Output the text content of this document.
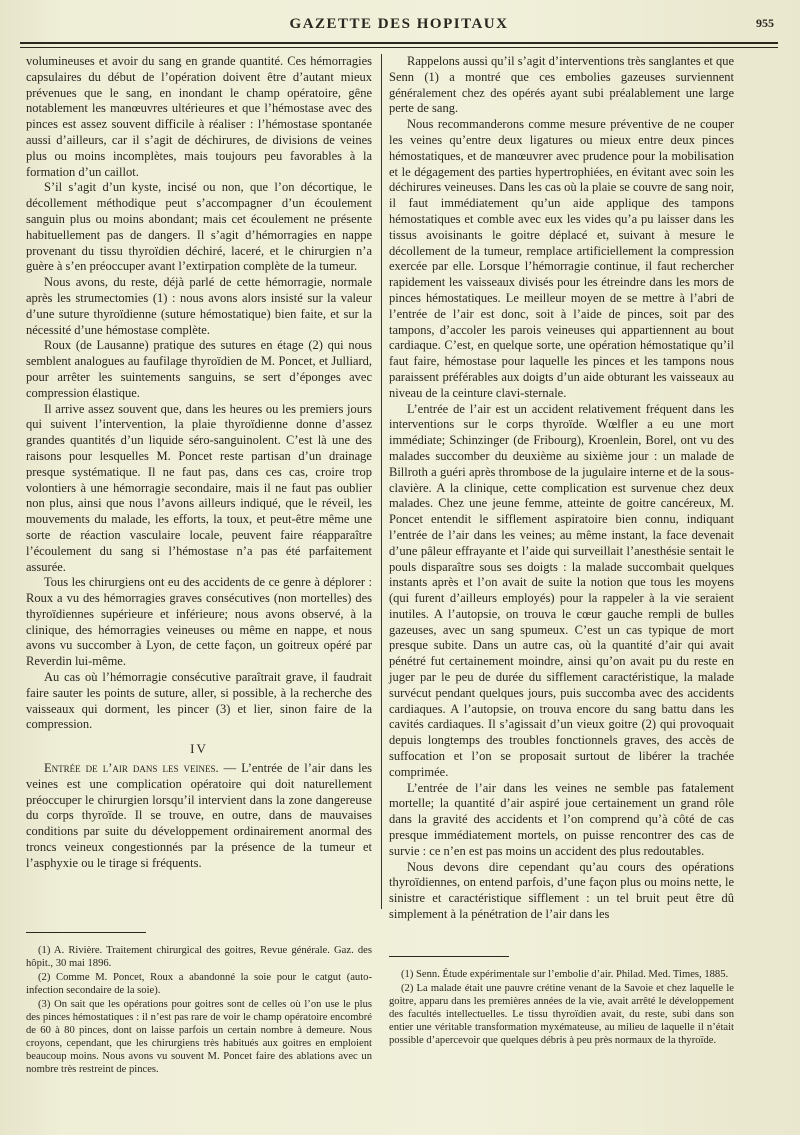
GAZETTE DES HOPITAUX	955

volumineuses et avoir du sang en grande quantité. Ces hémorragies capsulaires du début de l’opération doivent être d’autant mieux prévenues que le sang, en inondant le champ opératoire, gêne notablement les manœuvres ultérieures et que l’hémostase avec des pinces est assez souvent difficile à réaliser : l’hémostase spontanée aussi d’ailleurs, car il s’agit de déchirures, de divisions de veines plus ou moins incomplètes, mais toujours peu favorables à la formation d’un caillot.

S’il s’agit d’un kyste, incisé ou non, que l’on décortique, le décollement méthodique peut s’accompagner d’un écoulement sanguin plus ou moins abondant; mais cet écoulement ne présente habituellement pas de dangers. Il s’agit d’hémorragies en nappe provenant du tissu thyroïdien déchiré, laceré, et le chirurgien n’a guère à s’en préoccuper avant l’extirpation complète de la tumeur.

Nous avons, du reste, déjà parlé de cette hémorragie, normale après les strumectomies (1) : nous avons alors insisté sur la valeur d’une suture thyroïdienne (suture hémostatique) bien faite, et sur la nécessité d’une hémostase complète.

Roux (de Lausanne) pratique des sutures en étage (2) qui nous semblent analogues au faufilage thyroïdien de M. Poncet, et Julliard, pour arrêter les suintements sanguins, se sert d’éponges avec compression élastique.

Il arrive assez souvent que, dans les heures ou les premiers jours qui suivent l’intervention, la plaie thyroïdienne donne d’assez grandes quantités d’un liquide séro-sanguinolent. C’est là une des raisons pour lesquelles M. Poncet reste partisan d’un drainage presque systématique. Il ne faut pas, dans ces cas, croire trop volontiers à une hémorragie secondaire, mais il ne faut pas oublier non plus, ainsi que nous l’avons ailleurs indiqué, que le réveil, les mouvements du malade, les efforts, la toux, et peut-être même une sorte de réaction vasculaire locale, peuvent faire réapparaître l’écoulement du sang si l’hémostase n’a pas été parfaitement assurée.

Tous les chirurgiens ont eu des accidents de ce genre à déplorer : Roux a vu des hémorragies graves consécutives (non mortelles) des thyroïdiennes supérieure et inférieure; nous avons observé, à la clinique, des hémorragies veineuses ou même en nappe, et nous avons vu succomber à Lyon, de cette façon, un goitreux opéré par Reverdin lui-même.

Au cas où l’hémorragie consécutive paraîtrait grave, il faudrait faire sauter les points de suture, aller, si possible, à la recherche des vaisseaux qui dorment, les pincer (3) et lier, sinon faire de la compression.

IV

Entrée de l’air dans les veines. — L’entrée de l’air dans les veines est une complication opératoire qui doit naturellement préoccuper le chirurgien lorsqu’il intervient dans la zone dangereuse du corps thyroïde. Il se trouve, en outre, dans de mauvaises conditions par suite du développement ordinairement anormal des troncs veineux congestionnés par la présence de la tumeur et l’asphyxie ou le tirage si fréquents.

Rappelons aussi qu’il s’agit d’interventions très sanglantes et que Senn (1) a montré que ces embolies gazeuses surviennent généralement chez des opérés ayant subi préalablement une large perte de sang.

Nous recommanderons comme mesure préventive de ne couper les veines qu’entre deux ligatures ou mieux entre deux pinces hémostatiques, et de manœuvrer avec prudence pour la mobilisation et le dégagement des parties hypertrophiées, en évitant avec soin les déchirures veineuses. Dans les cas où la plaie se couvre de sang noir, il faut immédiatement qu’un aide applique des tampons hémostatiques et comble avec eux les vides qu’a pu laisser dans les tissus avoisinants le goitre déplacé et, suivant à mesure le décollement de la tumeur, remplace artificiellement la compression exercée par elle. Lorsque l’hémorragie continue, il faut rechercher rapidement les vaisseaux divisés pour les étreindre dans les mors de pinces hémostatiques. Le meilleur moyen de se mettre à l’abri de l’entrée de l’air est donc, soit à l’aide de pinces, soit par des tampons, d’accoler les parois veineuses qui appartiennent au bout cardiaque. C’est, en quelque sorte, une opération hémostatique qu’il faut faire, hémostase pour laquelle les pinces et les tampons nous paraissent préférables aux doigts d’un aide obturant les vaisseaux au niveau de la ceinture clavi-sternale.

L’entrée de l’air est un accident relativement fréquent dans les interventions sur le corps thyroïde. Wœlfler a eu une mort immédiate; Schinzinger (de Fribourg), Kroenlein, Borel, ont vu des malades succomber du deuxième au sixième jour : un malade de Billroth a guéri après thrombose de la jugulaire interne et de la sous-clavière. A la clinique, cette complication est survenue chez deux malades. Chez une jeune femme, atteinte de goitre cancéreux, M. Poncet entendit le sifflement aspiratoire bien connu, indiquant l’entrée de l’air dans les veines; au même instant, la face devenait d’une pâleur effrayante et l’aide qui surveillait l’anesthésie sentait le pouls disparaître sous ses doigts : la malade succombait quelques instants après et l’on avait de suite la notion que tous les moyens (qui furent d’ailleurs employés) pour la rappeler à la vie seraient inutiles. A l’autopsie, on trouva le cœur gauche rempli de bulles gazeuses, avec un sang spumeux. C’est un cas typique de mort presque subite. Dans un autre cas, où la quantité d’air qui avait pénétré fut certainement moindre, ainsi qu’on avait pu du reste en juger par le peu de durée du sifflement caractéristique, la malade survécut pendant quelques jours, puis succomba avec des accidents cardiaques. A l’autopsie, on trouva encore du sang battu dans les cavités cardiaques. Il s’agissait d’un vieux goitre (2) qui provoquait depuis longtemps des troubles fonctionnels graves, des accès de suffocation et l’on se proposait surtout de libérer la trachée comprimée.

L’entrée de l’air dans les veines ne semble pas fatalement mortelle; la quantité d’air aspiré joue certainement un grand rôle dans la gravité des accidents et l’on comprend qu’à côté de cas presque immédiatement mortels, on puisse rencontrer des cas de survie : ce n’en est pas moins un accident des plus redoutables.

Nous devons dire cependant qu’au cours des opérations thyroïdiennes, on entend parfois, d’une façon plus ou moins nette, le sinistre et caractéristique sifflement : un tel bruit peut être dû simplement à la pénétration de l’air dans les

(1) A. Rivière. Traitement chirurgical des goitres, Revue générale. Gaz. des hôpit., 30 mai 1896.

(2) Comme M. Poncet, Roux a abandonné la soie pour le catgut (auto-infection secondaire de la soie).

(3) On sait que les opérations pour goitres sont de celles où l’on use le plus des pinces hémostatiques : il n’est pas rare de voir le champ opératoire encombré de 60 à 80 pinces, dont on laisse parfois un certain nombre à demeure. Nous croyons, cependant, que les chirurgiens très habitués aux goitres en emploient beaucoup moins. Nous avons vu souvent M. Poncet faire des ablations avec un nombre très restreint de pinces.

(1) Senn. Étude expérimentale sur l’embolie d’air. Philad. Med. Times, 1885.

(2) La malade était une pauvre crétine venant de la Savoie et chez laquelle le goitre, apparu dans les premières années de la vie, avait arrêté le développement des facultés intellectuelles. Le tissu thyroïdien avait, du reste, subi dans son entier une véritable transformation myxémateuse, au milieu de laquelle il n’était possible d’apercevoir que quelques débris à peu près normaux de la thyroïde.
